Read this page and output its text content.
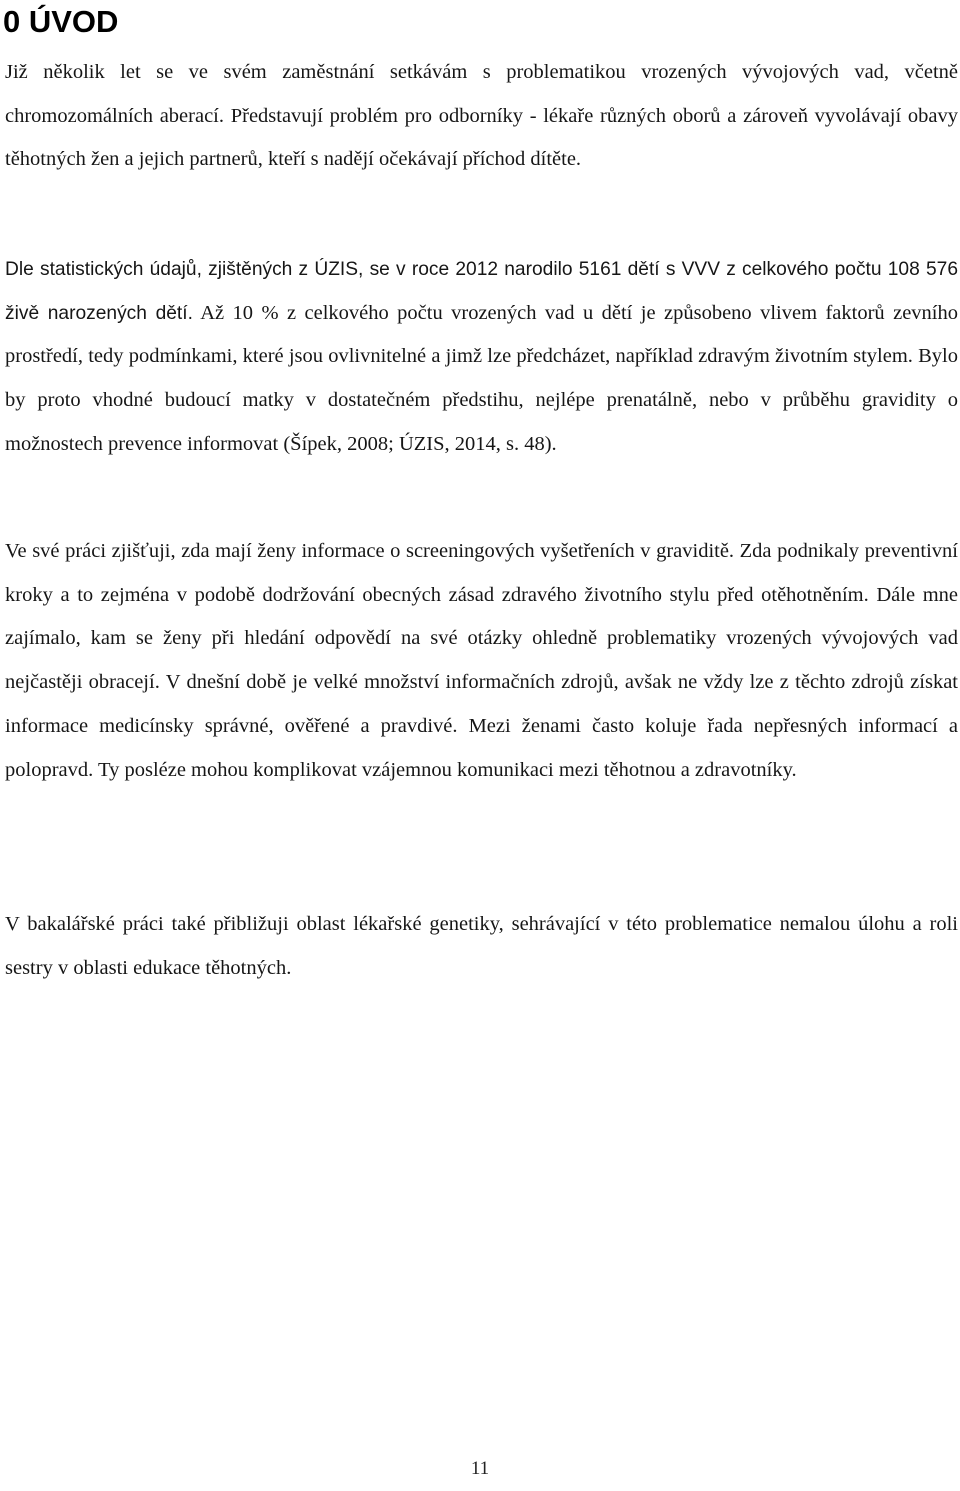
0 ÚVOD

Již několik let se ve svém zaměstnání setkávám s problematikou vrozených vývojových vad, včetně chromozomálních aberací. Představují problém pro odborníky - lékaře různých oborů a zároveň vyvolávají obavy těhotných žen a jejich partnerů, kteří s nadějí očekávají příchod dítěte.

Dle statistických údajů, zjištěných z ÚZIS, se v roce 2012 narodilo 5161 dětí s VVV z celkového počtu 108 576 živě narozených dětí. Až 10 % z celkového počtu vrozených vad u dětí je způsobeno vlivem faktorů zevního prostředí, tedy podmínkami, které jsou ovlivnitelné a jimž lze předcházet, například zdravým životním stylem. Bylo by proto vhodné budoucí matky v dostatečném předstihu, nejlépe prenatálně, nebo v průběhu gravidity o možnostech prevence informovat (Šípek, 2008; ÚZIS, 2014, s. 48).

Ve své práci zjišťuji, zda mají ženy informace o screeningových vyšetřeních v graviditě. Zda podnikaly preventivní kroky a to zejména v podobě dodržování obecných zásad zdravého životního stylu před otěhotněním. Dále mne zajímalo, kam se ženy při hledání odpovědí na své otázky ohledně problematiky vrozených vývojových vad nejčastěji obracejí. V dnešní době je velké množství informačních zdrojů, avšak ne vždy lze z těchto zdrojů získat informace medicínsky správné, ověřené a pravdivé. Mezi ženami často koluje řada nepřesných informací a polopravd. Ty posléze mohou komplikovat vzájemnou komunikaci mezi těhotnou a zdravotníky.

V bakalářské práci také přibližuji oblast lékařské genetiky, sehrávající v této problematice nemalou úlohu a roli sestry v oblasti edukace těhotných.

11
